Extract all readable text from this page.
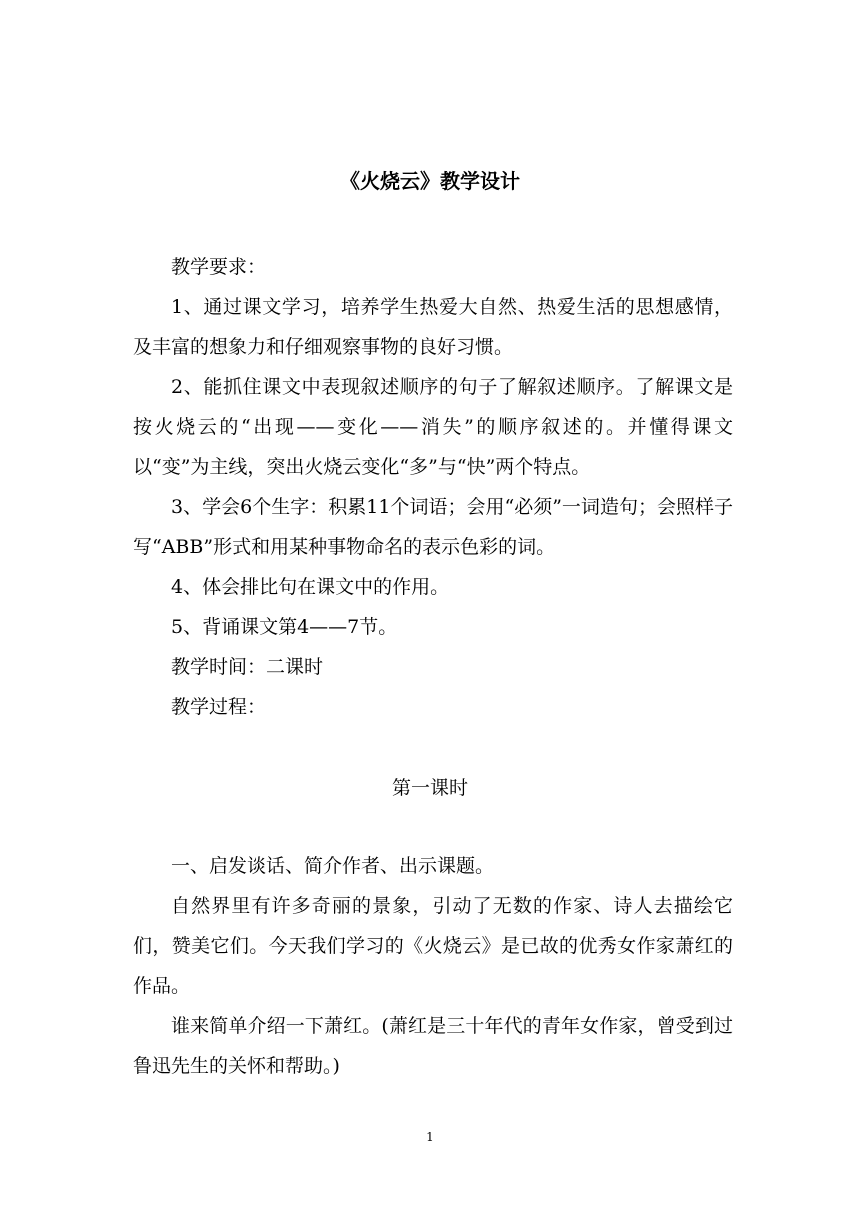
《火烧云》教学设计
教学要求：
1、通过课文学习，培养学生热爱大自然、热爱生活的思想感情，及丰富的想象力和仔细观察事物的良好习惯。
2、能抓住课文中表现叙述顺序的句子了解叙述顺序。了解课文是按火烧云的“出现——变化——消失”的顺序叙述的。并懂得课文以“变”为主线，突出火烧云变化“多”与“快”两个特点。
3、学会6个生字：积累11个词语；会用“必须”一词造句；会照样子写“ABB”形式和用某种事物命名的表示色彩的词。
4、体会排比句在课文中的作用。
5、背诵课文第4——7节。
教学时间：二课时
教学过程：
第一课时
一、启发谈话、简介作者、出示课题。
自然界里有许多奇丽的景象，引动了无数的作家、诗人去描绘它们，赞美它们。今天我们学习的《火烧云》是已故的优秀女作家萧红的作品。
谁来简单介绍一下萧红。(萧红是三十年代的青年女作家，曾受到过鲁迅先生的关怀和帮助。)
1
